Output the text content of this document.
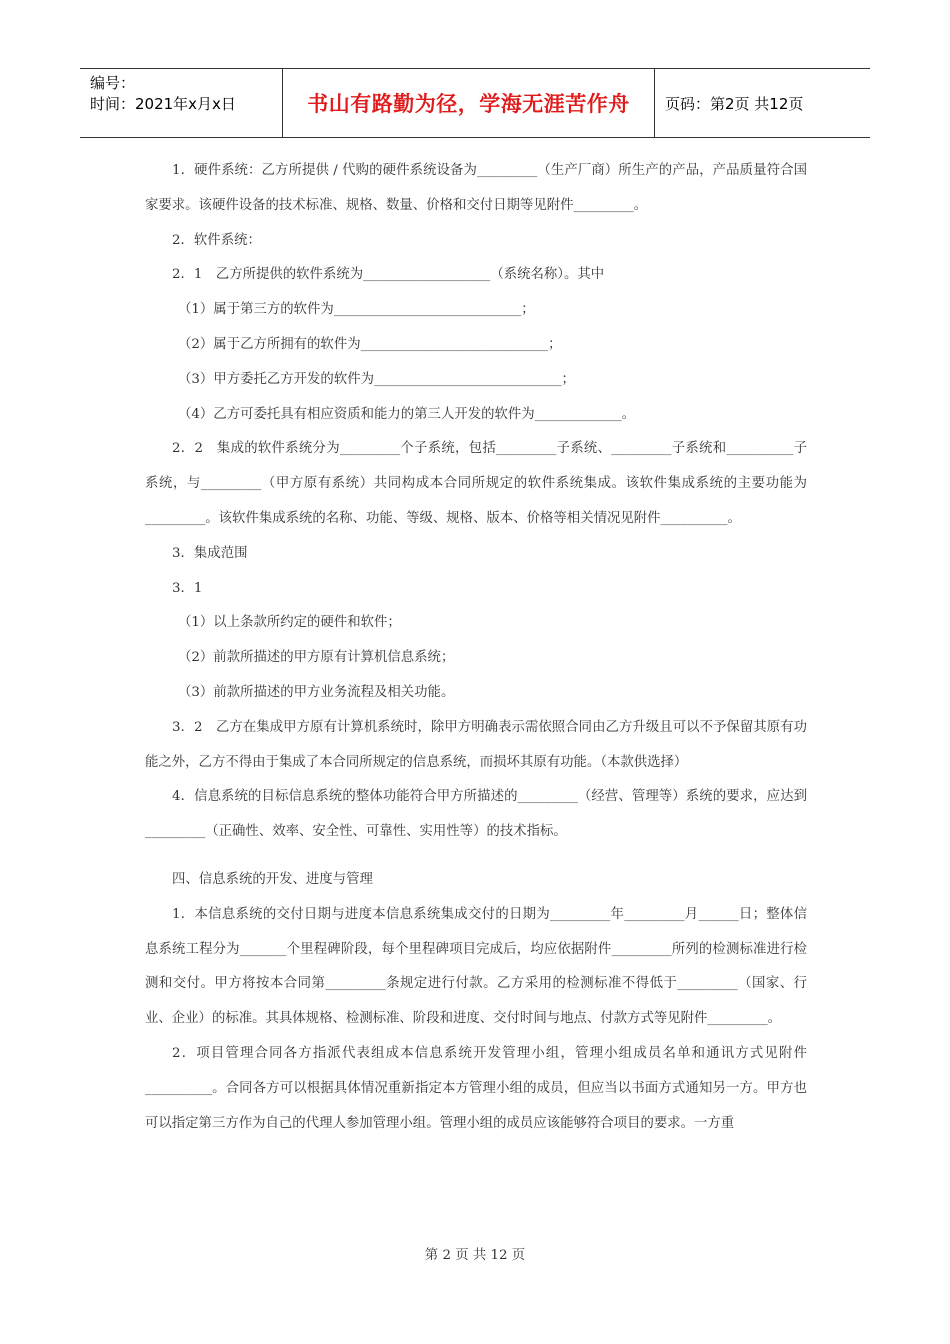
编号：
时间：2021年x月x日	书山有路勤为径，学海无涯苦作舟	页码：第2页 共12页

1．硬件系统：乙方所提供 / 代购的硬件系统设备为_________（生产厂商）所生产的产品，产品质量符合国家要求。该硬件设备的技术标准、规格、数量、价格和交付日期等见附件_________。

2．软件系统：

2．1　乙方所提供的软件系统为___________________（系统名称）。其中

（1）属于第三方的软件为____________________________；

（2）属于乙方所拥有的软件为____________________________；

（3）甲方委托乙方开发的软件为____________________________；

（4）乙方可委托具有相应资质和能力的第三人开发的软件为_____________。

2．2　集成的软件系统分为_________个子系统，包括_________子系统、_________子系统和__________子系统，与_________（甲方原有系统）共同构成本合同所规定的软件系统集成。该软件集成系统的主要功能为_________。该软件集成系统的名称、功能、等级、规格、版本、价格等相关情况见附件__________。

3．集成范围

3．1

（1）以上条款所约定的硬件和软件；

（2）前款所描述的甲方原有计算机信息系统；

（3）前款所描述的甲方业务流程及相关功能。

3．2　乙方在集成甲方原有计算机系统时，除甲方明确表示需依照合同由乙方升级且可以不予保留其原有功能之外，乙方不得由于集成了本合同所规定的信息系统，而损坏其原有功能。（本款供选择）

4．信息系统的目标信息系统的整体功能符合甲方所描述的_________（经营、管理等）系统的要求，应达到_________（正确性、效率、安全性、可靠性、实用性等）的技术指标。

四、信息系统的开发、进度与管理

1．本信息系统的交付日期与进度本信息系统集成交付的日期为_________年_________月______日；整体信息系统工程分为_______个里程碑阶段，每个里程碑项目完成后，均应依据附件_________所列的检测标准进行检测和交付。甲方将按本合同第_________条规定进行付款。乙方采用的检测标准不得低于_________（国家、行业、企业）的标准。其具体规格、检测标准、阶段和进度、交付时间与地点、付款方式等见附件_________。

2．项目管理合同各方指派代表组成本信息系统开发管理小组，管理小组成员名单和通讯方式见附件__________。合同各方可以根据具体情况重新指定本方管理小组的成员，但应当以书面方式通知另一方。甲方也可以指定第三方作为自己的代理人参加管理小组。管理小组的成员应该能够符合项目的要求。一方重

第 2 页 共 12 页
